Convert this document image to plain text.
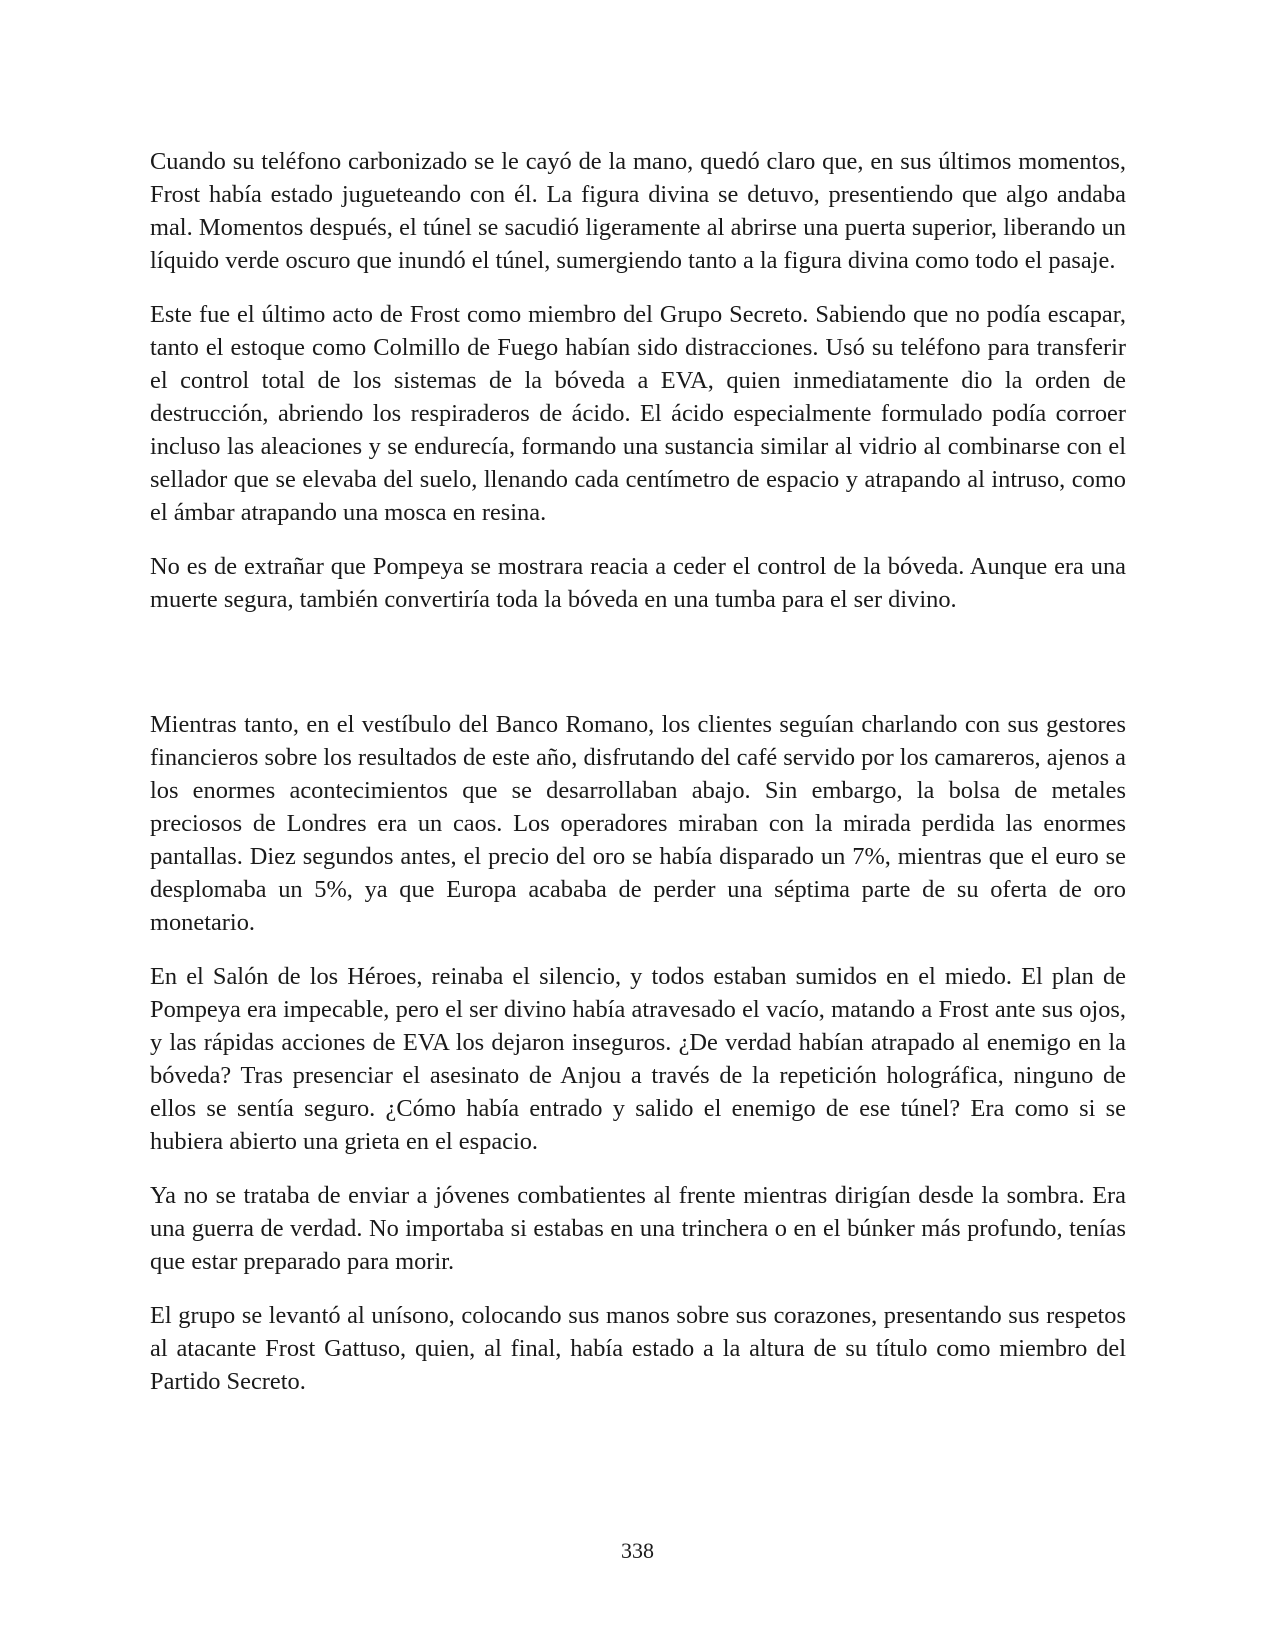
Cuando su teléfono carbonizado se le cayó de la mano, quedó claro que, en sus últimos momentos, Frost había estado jugueteando con él. La figura divina se detuvo, presentiendo que algo andaba mal. Momentos después, el túnel se sacudió ligeramente al abrirse una puerta superior, liberando un líquido verde oscuro que inundó el túnel, sumergiendo tanto a la figura divina como todo el pasaje.

Este fue el último acto de Frost como miembro del Grupo Secreto. Sabiendo que no podía escapar, tanto el estoque como Colmillo de Fuego habían sido distracciones. Usó su teléfono para transferir el control total de los sistemas de la bóveda a EVA, quien inmediatamente dio la orden de destrucción, abriendo los respiraderos de ácido. El ácido especialmente formulado podía corroer incluso las aleaciones y se endurecía, formando una sustancia similar al vidrio al combinarse con el sellador que se elevaba del suelo, llenando cada centímetro de espacio y atrapando al intruso, como el ámbar atrapando una mosca en resina.

No es de extrañar que Pompeya se mostrara reacia a ceder el control de la bóveda. Aunque era una muerte segura, también convertiría toda la bóveda en una tumba para el ser divino.

Mientras tanto, en el vestíbulo del Banco Romano, los clientes seguían charlando con sus gestores financieros sobre los resultados de este año, disfrutando del café servido por los camareros, ajenos a los enormes acontecimientos que se desarrollaban abajo. Sin embargo, la bolsa de metales preciosos de Londres era un caos. Los operadores miraban con la mirada perdida las enormes pantallas. Diez segundos antes, el precio del oro se había disparado un 7%, mientras que el euro se desplomaba un 5%, ya que Europa acababa de perder una séptima parte de su oferta de oro monetario.

En el Salón de los Héroes, reinaba el silencio, y todos estaban sumidos en el miedo. El plan de Pompeya era impecable, pero el ser divino había atravesado el vacío, matando a Frost ante sus ojos, y las rápidas acciones de EVA los dejaron inseguros. ¿De verdad habían atrapado al enemigo en la bóveda? Tras presenciar el asesinato de Anjou a través de la repetición holográfica, ninguno de ellos se sentía seguro. ¿Cómo había entrado y salido el enemigo de ese túnel? Era como si se hubiera abierto una grieta en el espacio.

Ya no se trataba de enviar a jóvenes combatientes al frente mientras dirigían desde la sombra. Era una guerra de verdad. No importaba si estabas en una trinchera o en el búnker más profundo, tenías que estar preparado para morir.

El grupo se levantó al unísono, colocando sus manos sobre sus corazones, presentando sus respetos al atacante Frost Gattuso, quien, al final, había estado a la altura de su título como miembro del Partido Secreto.

338
